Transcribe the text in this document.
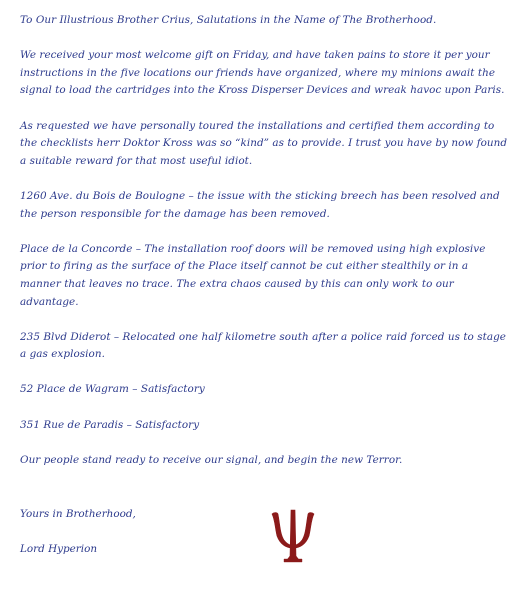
To Our Illustrious Brother Crius, Salutations in the Name of The Brotherhood.

We received your most welcome gift on Friday, and have taken pains to store it per your instructions in the five locations our friends have organized, where my minions await the signal to load the cartridges into the Kross Disperser Devices and wreak havoc upon Paris.

As requested we have personally toured the installations and certified them according to the checklists herr Doktor Kross was so “kind” as to provide. I trust you have by now found a suitable reward for that most useful idiot.

1260 Ave. du Bois de Boulogne – the issue with the sticking breech has been resolved and the person responsible for the damage has been removed.

Place de la Concorde – The installation roof doors will be removed using high explosive prior to firing as the surface of the Place itself cannot be cut either stealthily or in a manner that leaves no trace. The extra chaos caused by this can only work to our advantage.

235 Blvd Diderot – Relocated one half kilometre south after a police raid forced us to stage a gas explosion.

52 Place de Wagram – Satisfactory

351 Rue de Paradis – Satisfactory

Our people stand ready to receive our signal, and begin the new Terror.

Yours in Brotherhood,

Lord Hyperion
